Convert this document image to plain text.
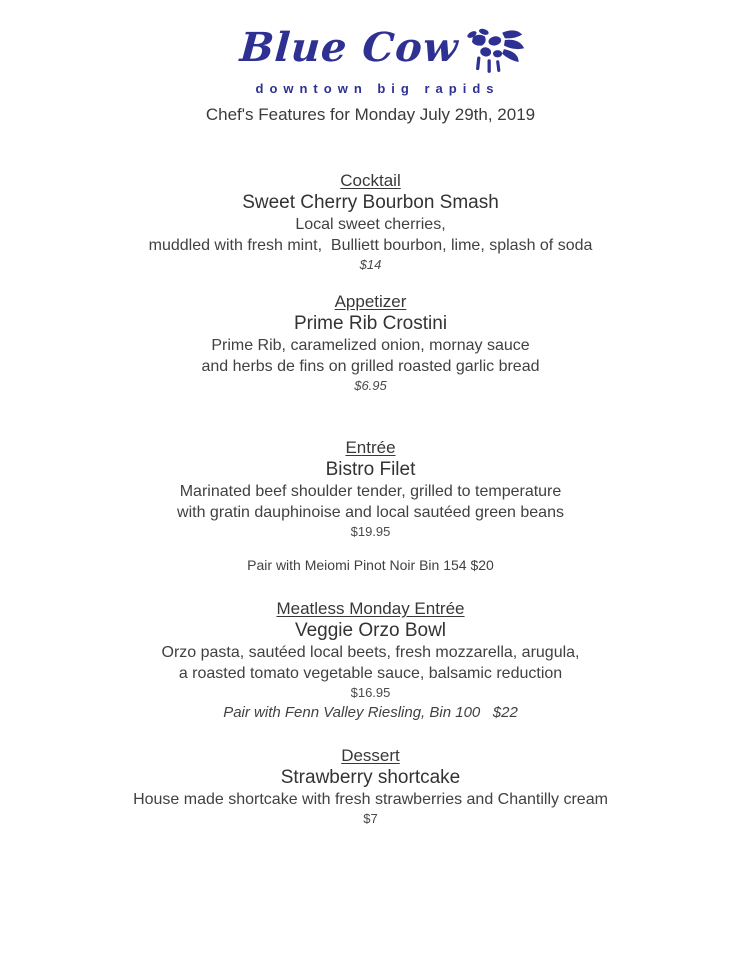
Blue Cow
downtown big rapids
Chef's Features for Monday July 29th, 2019
Cocktail
Sweet Cherry Bourbon Smash
Local sweet cherries,
muddled with fresh mint,  Bulliett bourbon, lime, splash of soda
$14
Appetizer
Prime Rib Crostini
Prime Rib, caramelized onion, mornay sauce
and herbs de fins on grilled roasted garlic bread
$6.95
Entrée
Bistro Filet
Marinated beef shoulder tender, grilled to temperature
with gratin dauphinoise and local sautéed green beans
$19.95
Pair with Meiomi Pinot Noir Bin 154 $20
Meatless Monday Entrée
Veggie Orzo Bowl
Orzo pasta, sautéed local beets, fresh mozzarella, arugula,
a roasted tomato vegetable sauce, balsamic reduction
$16.95
Pair with Fenn Valley Riesling, Bin 100   $22
Dessert
Strawberry shortcake
House made shortcake with fresh strawberries and Chantilly cream
$7
